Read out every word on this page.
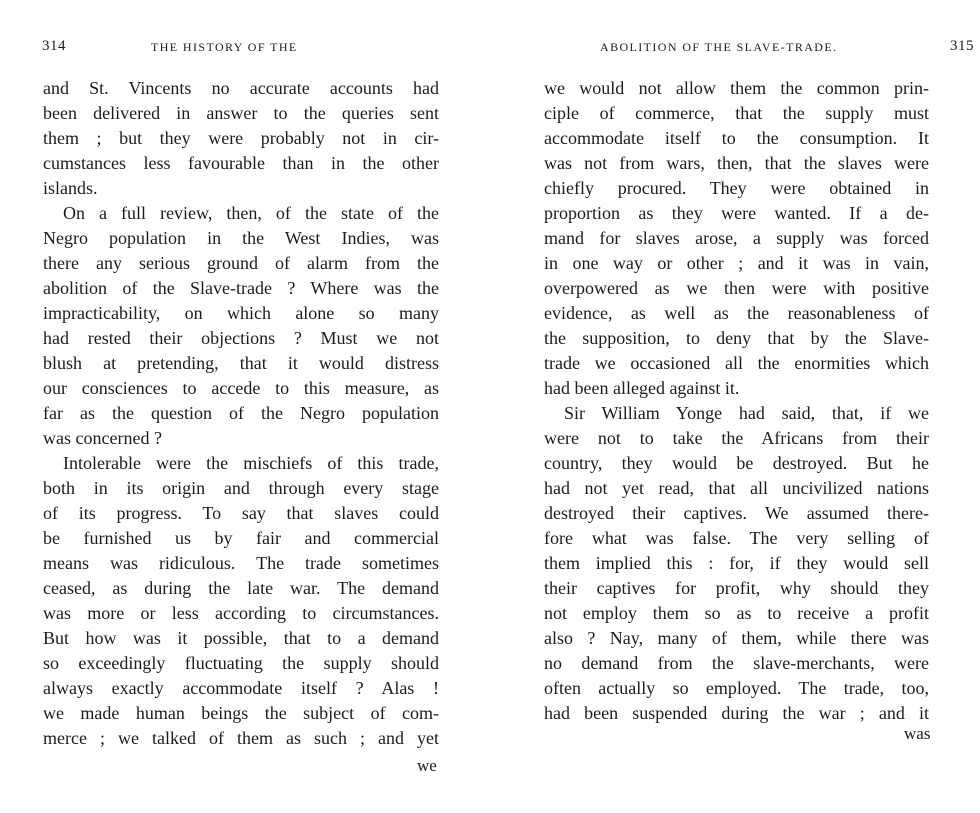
314	THE HISTORY OF THE
and St. Vincents no accurate accounts had
been delivered in answer to the queries sent
them ; but they were probably not in cir-
cumstances less favourable than in the other
islands.
On a full review, then, of the state of the
Negro population in the West Indies, was
there any serious ground of alarm from the
abolition of the Slave-trade ? Where was the
impracticability, on which alone so many
had rested their objections ? Must we not
blush at pretending, that it would distress
our consciences to accede to this measure, as
far as the question of the Negro population
was concerned ?
Intolerable were the mischiefs of this trade,
both in its origin and through every stage
of its progress. To say that slaves could
be furnished us by fair and commercial
means was ridiculous. The trade sometimes
ceased, as during the late war. The demand
was more or less according to circumstances.
But how was it possible, that to a demand
so exceedingly fluctuating the supply should
always exactly accommodate itself ? Alas !
we made human beings the subject of com-
merce ; we talked of them as such ; and yet
we
ABOLITION OF THE SLAVE-TRADE.	315
we would not allow them the common prin-
ciple of commerce, that the supply must
accommodate itself to the consumption. It
was not from wars, then, that the slaves were
chiefly procured. They were obtained in
proportion as they were wanted. If a de-
mand for slaves arose, a supply was forced
in one way or other ; and it was in vain,
overpowered as we then were with positive
evidence, as well as the reasonableness of
the supposition, to deny that by the Slave-
trade we occasioned all the enormities which
had been alleged against it.
Sir William Yonge had said, that, if we
were not to take the Africans from their
country, they would be destroyed. But he
had not yet read, that all uncivilized nations
destroyed their captives. We assumed there-
fore what was false. The very selling of
them implied this : for, if they would sell
their captives for profit, why should they
not employ them so as to receive a profit
also ? Nay, many of them, while there was
no demand from the slave-merchants, were
often actually so employed. The trade, too,
had been suspended during the war ; and it
was
